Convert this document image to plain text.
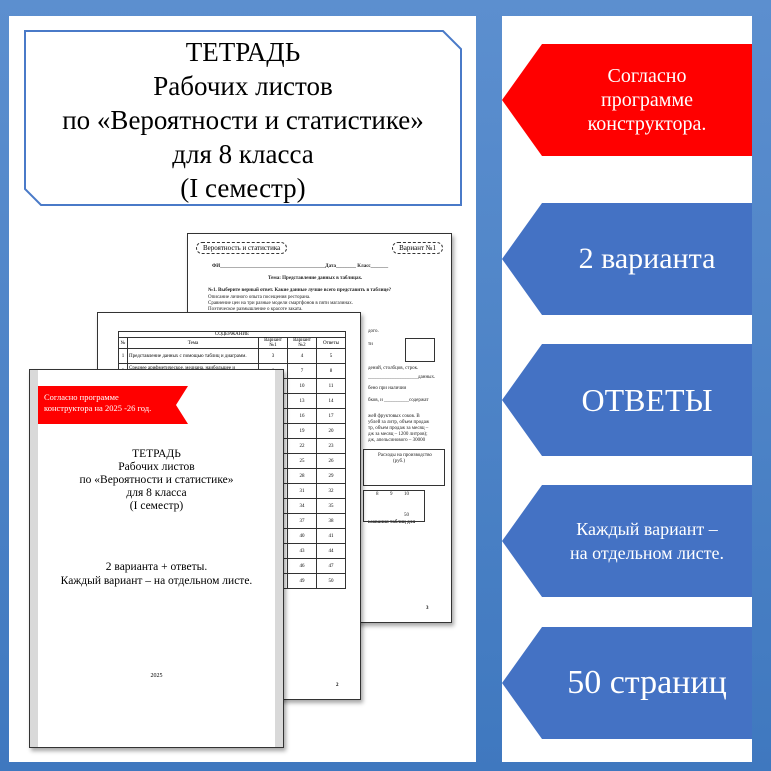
ТЕТРАДЬ
Рабочих листов
по «Вероятности и статистике»
для 8 класса
(I семестр)
Вероятность и статистика	Вариант №1
ФИ__________________________________________Дата________ Класс_______
Тема: Представление данных в таблицах.
№1. Выберите верный ответ. Какие данные лучше всего представить в таблице?
Описание личного опыта посещения ресторана.
Сравнение цен на три разные модели смартфонов в пяти магазинах.
Поэтическое размышление о красоте заката.
дого.
ти
дений, столбцов, строк.
____________________данных.
бено при наличии
бков, и __________содержат
жей фруктовых соков. В
ублей за литр, объем продаж
тр, объем продаж за месяц –
дж за месяц – 1200 литров);
дж, апельсинового – 30000
Расходы на производство
(руб.)
ьзования таблиц для
8 9 10
50
3
СОДЕРЖАНИЕ				
№	Тема	Вариант №1	Вариант №2	Ответы
1	Представление данных с помощью таблиц и диаграмм.	3	4	5
			7	8
			10	11
			13	14
			16	17
			19	20
			22	23
			25	26
			28	29
			31	32
			34	35
			37	38
			40	41
			43	44
			46	47
			49	50
2
Согласно программе
конструктора на 2025 -26 год.
ТЕТРАДЬ
Рабочих листов
по «Вероятности и статистике»
для 8 класса
(I семестр)
2 варианта + ответы.
Каждый вариант – на отдельном листе.
2025
Согласно
программе
конструктора.
2 варианта
ОТВЕТЫ
Каждый вариант –
на отдельном листе.
50 страниц
